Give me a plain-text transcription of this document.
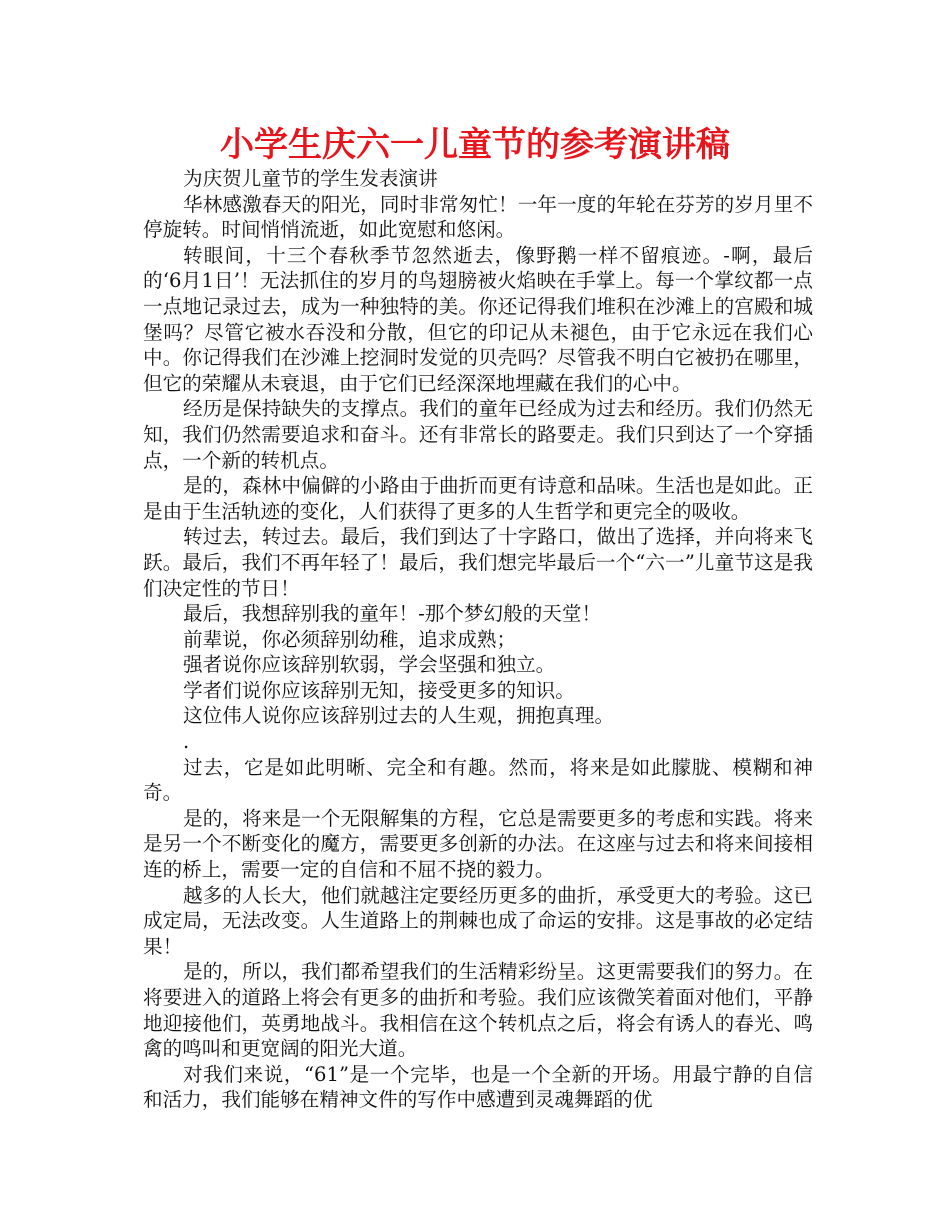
小学生庆六一儿童节的参考演讲稿

为庆贺儿童节的学生发表演讲

华林感激春天的阳光，同时非常匆忙！一年一度的年轮在芬芳的岁月里不停旋转。时间悄悄流逝，如此宽慰和悠闲。

转眼间，十三个春秋季节忽然逝去，像野鹅一样不留痕迹。-啊，最后的‘6月1日’！无法抓住的岁月的鸟翅膀被火焰映在手掌上。每一个掌纹都一点一点地记录过去，成为一种独特的美。你还记得我们堆积在沙滩上的宫殿和城堡吗？尽管它被水吞没和分散，但它的印记从未褪色，由于它永远在我们心中。你记得我们在沙滩上挖洞时发觉的贝壳吗？尽管我不明白它被扔在哪里，但它的荣耀从未衰退，由于它们已经深深地埋藏在我们的心中。

经历是保持缺失的支撑点。我们的童年已经成为过去和经历。我们仍然无知，我们仍然需要追求和奋斗。还有非常长的路要走。我们只到达了一个穿插点，一个新的转机点。

是的，森林中偏僻的小路由于曲折而更有诗意和品味。生活也是如此。正是由于生活轨迹的变化，人们获得了更多的人生哲学和更完全的吸收。

转过去，转过去。最后，我们到达了十字路口，做出了选择，并向将来飞跃。最后，我们不再年轻了！最后，我们想完毕最后一个“六一”儿童节这是我们决定性的节日！

最后，我想辞别我的童年！-那个梦幻般的天堂！

前辈说，你必须辞别幼稚，追求成熟；

强者说你应该辞别软弱，学会坚强和独立。

学者们说你应该辞别无知，接受更多的知识。

这位伟人说你应该辞别过去的人生观，拥抱真理。

.

过去，它是如此明晰、完全和有趣。然而，将来是如此朦胧、模糊和神奇。

是的，将来是一个无限解集的方程，它总是需要更多的考虑和实践。将来是另一个不断变化的魔方，需要更多创新的办法。在这座与过去和将来间接相连的桥上，需要一定的自信和不屈不挠的毅力。

越多的人长大，他们就越注定要经历更多的曲折，承受更大的考验。这已成定局，无法改变。人生道路上的荆棘也成了命运的安排。这是事故的必定结果！

是的，所以，我们都希望我们的生活精彩纷呈。这更需要我们的努力。在将要进入的道路上将会有更多的曲折和考验。我们应该微笑着面对他们，平静地迎接他们，英勇地战斗。我相信在这个转机点之后，将会有诱人的春光、鸣禽的鸣叫和更宽阔的阳光大道。

对我们来说，“61”是一个完毕，也是一个全新的开场。用最宁静的自信和活力，我们能够在精神文件的写作中感遭到灵魂舞蹈的优
